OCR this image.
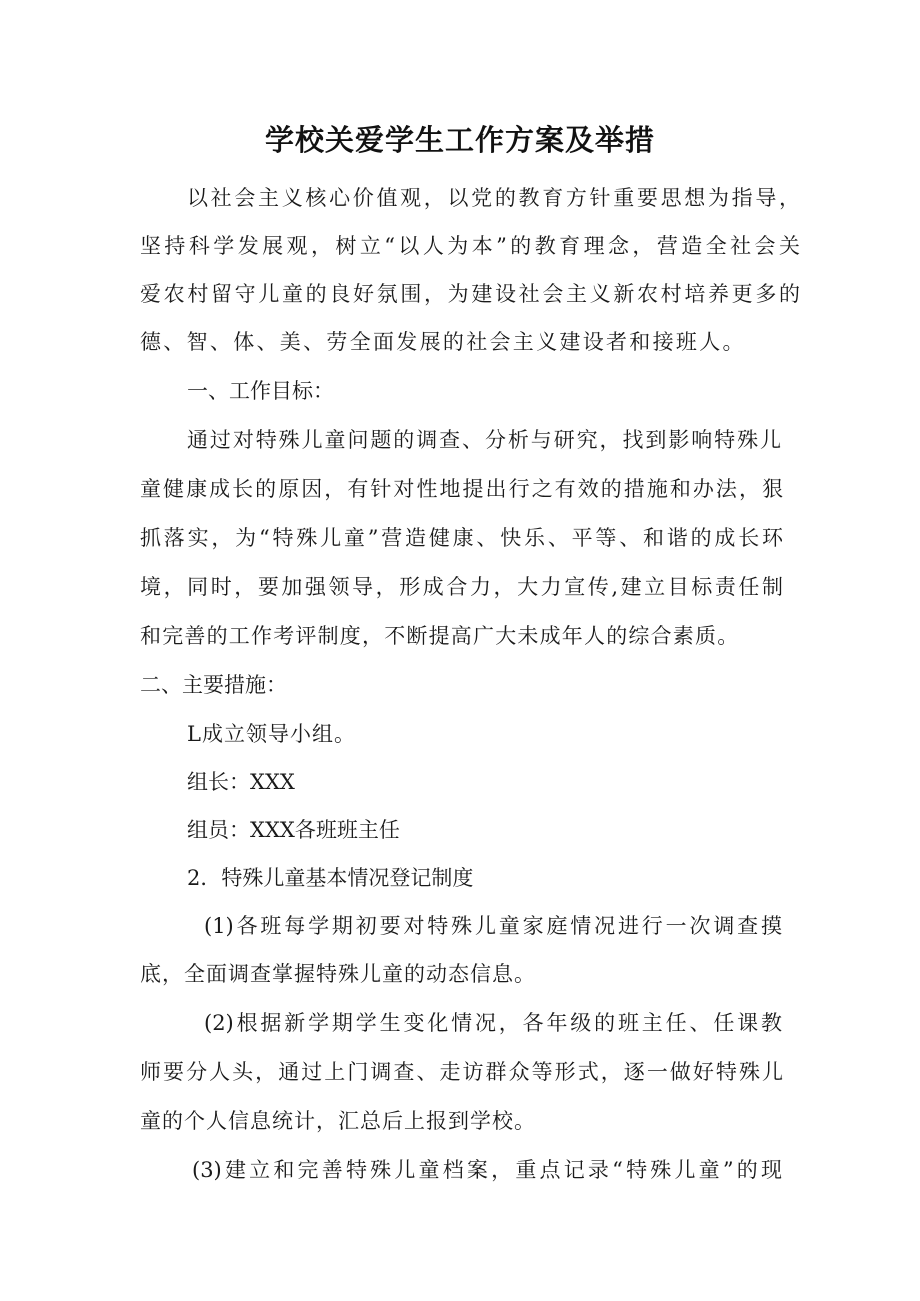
学校关爱学生工作方案及举措

以社会主义核心价值观，以党的教育方针重要思想为指导，

坚持科学发展观，树立“以人为本”的教育理念，营造全社会关

爱农村留守儿童的良好氛围，为建设社会主义新农村培养更多的

德、智、体、美、劳全面发展的社会主义建设者和接班人。

一、工作目标：

通过对特殊儿童问题的调查、分析与研究，找到影响特殊儿

童健康成长的原因，有针对性地提出行之有效的措施和办法，狠

抓落实，为“特殊儿童”营造健康、快乐、平等、和谐的成长环

境，同时，要加强领导，形成合力，大力宣传,建立目标责任制

和完善的工作考评制度，不断提高广大未成年人的综合素质。

二、主要措施：

L成立领导小组。

组长：XXX

组员：XXX各班班主任

2．特殊儿童基本情况登记制度

(1)各班每学期初要对特殊儿童家庭情况进行一次调查摸

底，全面调查掌握特殊儿童的动态信息。

(2)根据新学期学生变化情况，各年级的班主任、任课教

师要分人头，通过上门调查、走访群众等形式，逐一做好特殊儿

童的个人信息统计，汇总后上报到学校。

(3)建立和完善特殊儿童档案，重点记录“特殊儿童”的现
